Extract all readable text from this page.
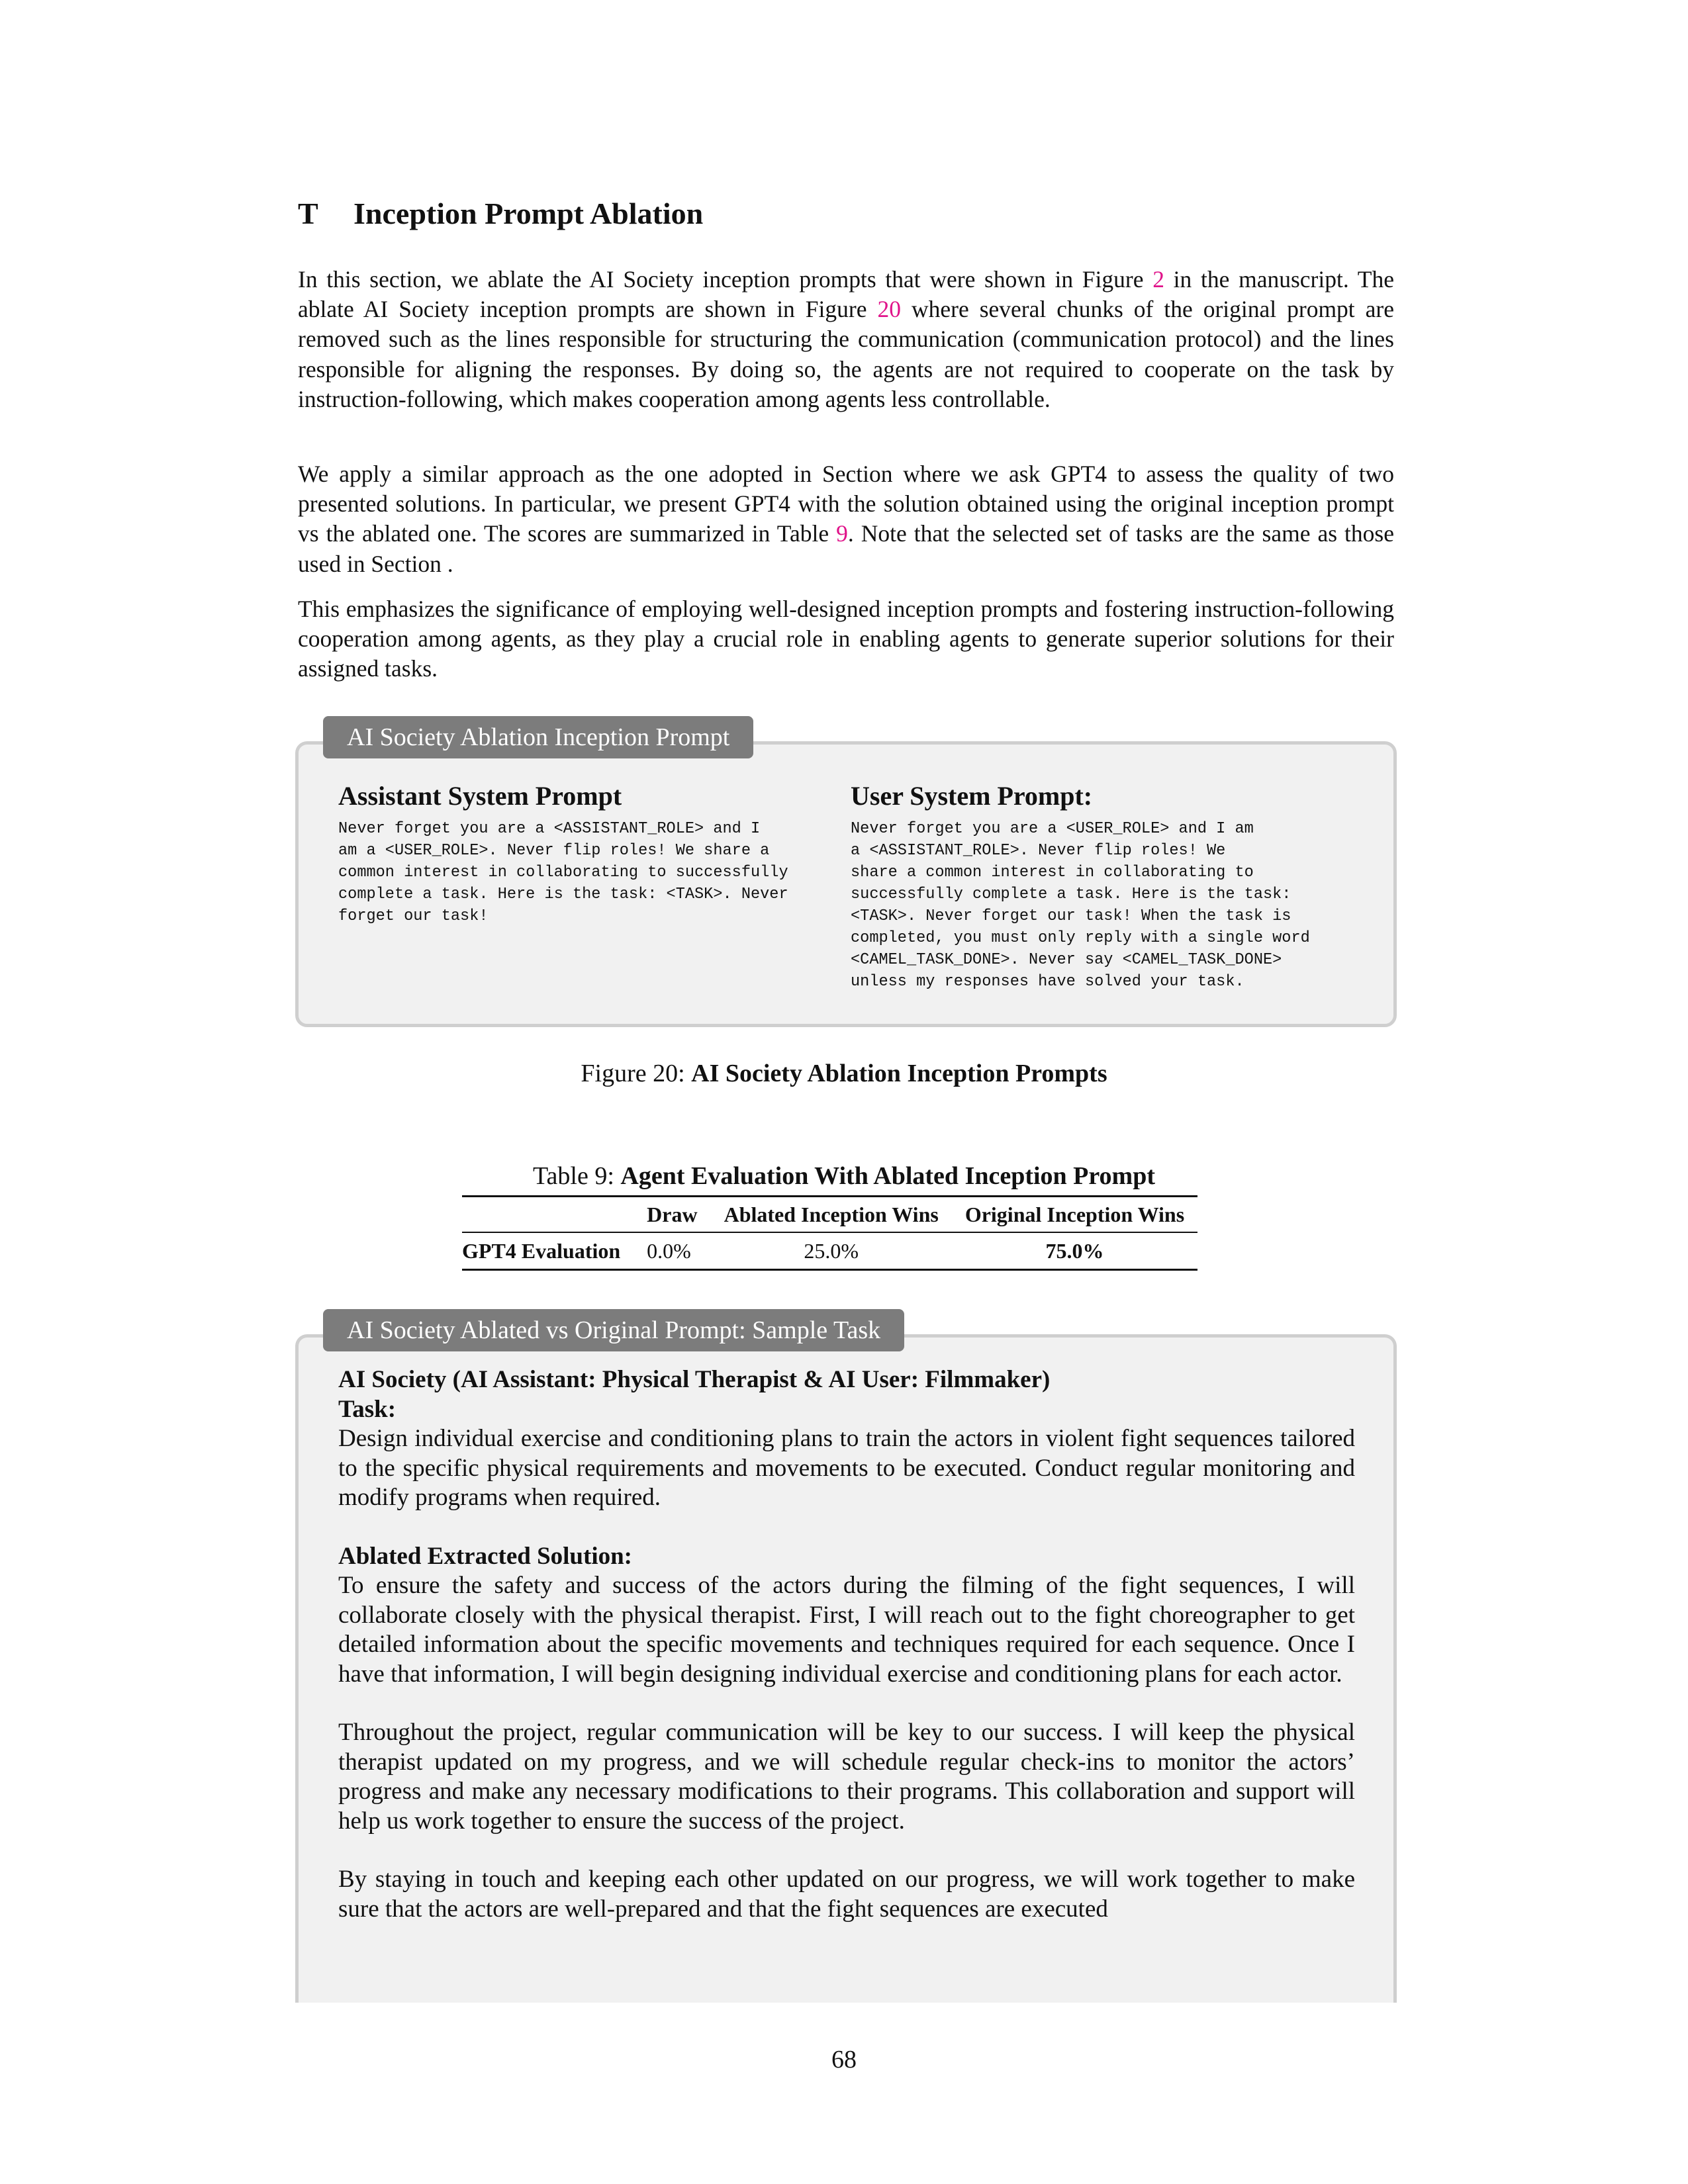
T Inception Prompt Ablation

In this section, we ablate the AI Society inception prompts that were shown in Figure 2 in the manuscript. The ablate AI Society inception prompts are shown in Figure 20 where several chunks of the original prompt are removed such as the lines responsible for structuring the communication (communication protocol) and the lines responsible for aligning the responses. By doing so, the agents are not required to cooperate on the task by instruction-following, which makes cooperation among agents less controllable.

We apply a similar approach as the one adopted in Section where we ask GPT4 to assess the quality of two presented solutions. In particular, we present GPT4 with the solution obtained using the original inception prompt vs the ablated one. The scores are summarized in Table 9. Note that the selected set of tasks are the same as those used in Section .

This emphasizes the significance of employing well-designed inception prompts and fostering instruction-following cooperation among agents, as they play a crucial role in enabling agents to generate superior solutions for their assigned tasks.

Assistant System Prompt

Never forget you are a <ASSISTANT_ROLE> and I
am a <USER_ROLE>. Never flip roles! We share a
common interest in collaborating to successfully
complete a task. Here is the task: <TASK>. Never
forget our task!

User System Prompt:

Never forget you are a <USER_ROLE> and I am
a <ASSISTANT_ROLE>. Never flip roles! We
share a common interest in collaborating to
successfully complete a task. Here is the task:
<TASK>. Never forget our task! When the task is
completed, you must only reply with a single word
<CAMEL_TASK_DONE>. Never say <CAMEL_TASK_DONE>
unless my responses have solved your task.

AI Society Ablation Inception Prompt
Figure 20: AI Society Ablation Inception Prompts
Table 9: Agent Evaluation With Ablated Inception Prompt
	Draw	Ablated Inception Wins	Original Inception Wins
GPT4 Evaluation	0.0%	25.0%	75.0%
AI Society (AI Assistant: Physical Therapist & AI User: Filmmaker)
Task:
Design individual exercise and conditioning plans to train the actors in violent fight sequences tailored to the specific physical requirements and movements to be executed. Conduct regular monitoring and modify programs when required.
Ablated Extracted Solution:
To ensure the safety and success of the actors during the filming of the fight sequences, I will collaborate closely with the physical therapist. First, I will reach out to the fight choreographer to get detailed information about the specific movements and techniques required for each sequence. Once I have that information, I will begin designing individual exercise and conditioning plans for each actor.
Throughout the project, regular communication will be key to our success. I will keep the physical therapist updated on my progress, and we will schedule regular check-ins to monitor the actors’ progress and make any necessary modifications to their programs. This collaboration and support will help us work together to ensure the success of the project.
By staying in touch and keeping each other updated on our progress, we will work together to make sure that the actors are well-prepared and that the fight sequences are executed
AI Society Ablated vs Original Prompt: Sample Task
68
